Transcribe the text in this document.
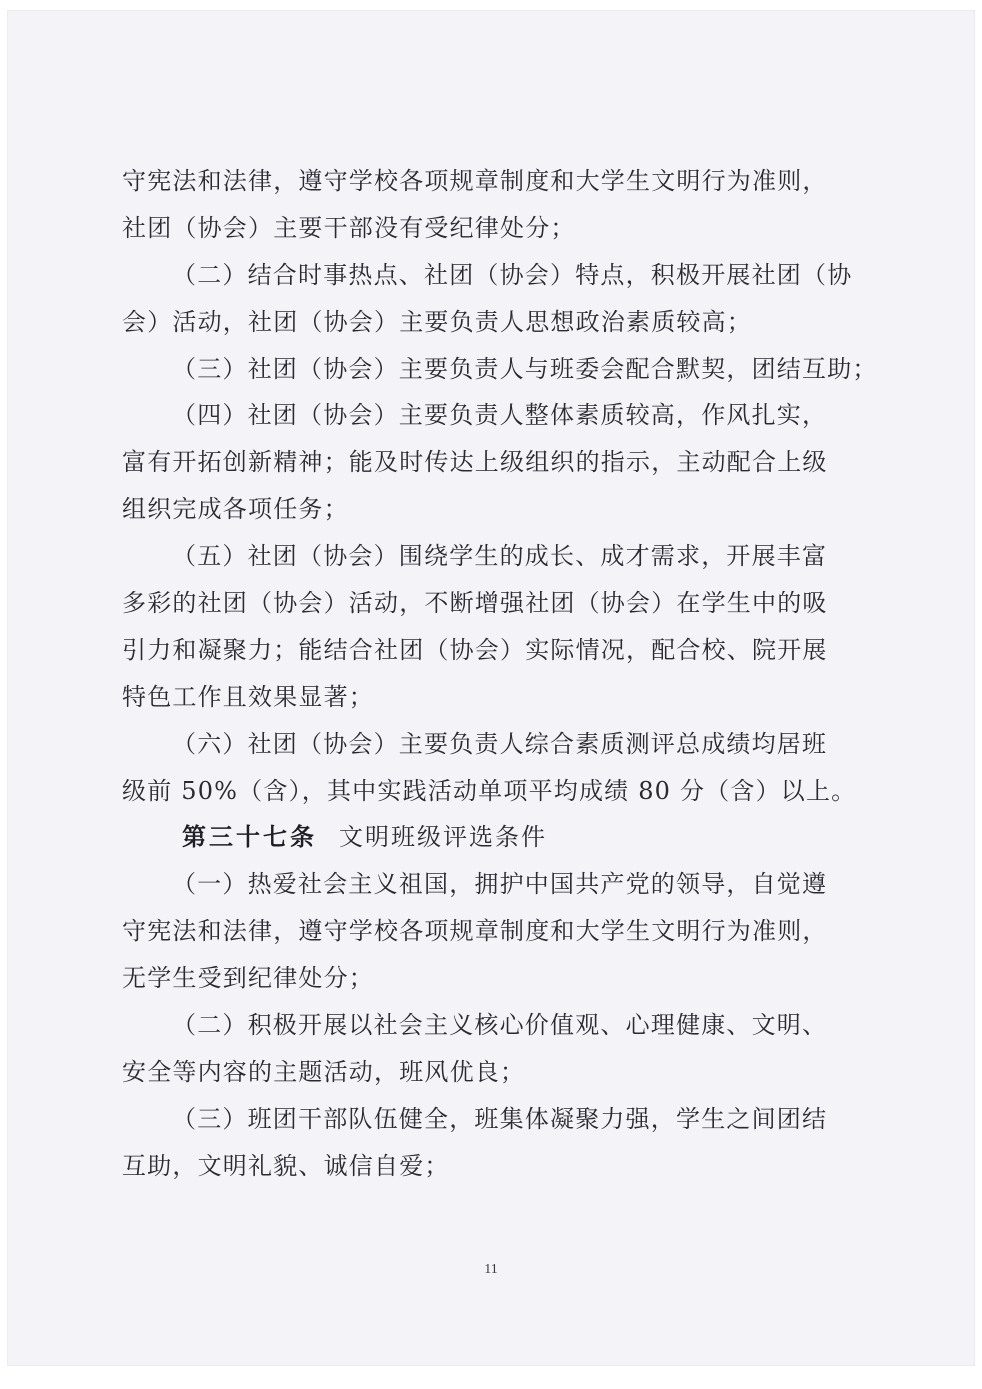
守宪法和法律，遵守学校各项规章制度和大学生文明行为准则，
社团（协会）主要干部没有受纪律处分；
（二）结合时事热点、社团（协会）特点，积极开展社团（协
会）活动，社团（协会）主要负责人思想政治素质较高；
（三）社团（协会）主要负责人与班委会配合默契，团结互助；
（四）社团（协会）主要负责人整体素质较高，作风扎实，
富有开拓创新精神；能及时传达上级组织的指示，主动配合上级
组织完成各项任务；
（五）社团（协会）围绕学生的成长、成才需求，开展丰富
多彩的社团（协会）活动，不断增强社团（协会）在学生中的吸
引力和凝聚力；能结合社团（协会）实际情况，配合校、院开展
特色工作且效果显著；
（六）社团（协会）主要负责人综合素质测评总成绩均居班
级前 50%（含），其中实践活动单项平均成绩 80 分（含）以上。
第三十七条 文明班级评选条件
（一）热爱社会主义祖国，拥护中国共产党的领导，自觉遵
守宪法和法律，遵守学校各项规章制度和大学生文明行为准则，
无学生受到纪律处分；
（二）积极开展以社会主义核心价值观、心理健康、文明、
安全等内容的主题活动，班风优良；
（三）班团干部队伍健全，班集体凝聚力强，学生之间团结
互助，文明礼貌、诚信自爱；
11
